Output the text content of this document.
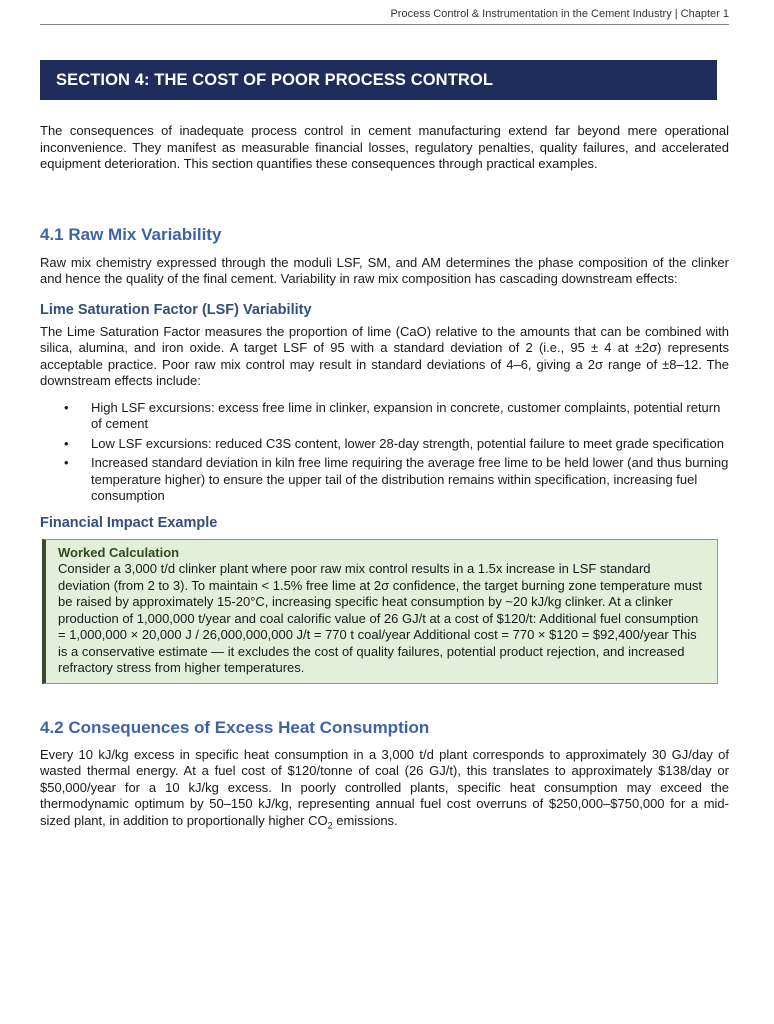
Process Control & Instrumentation in the Cement Industry | Chapter 1
SECTION 4: THE COST OF POOR PROCESS CONTROL

The consequences of inadequate process control in cement manufacturing extend far beyond mere operational inconvenience. They manifest as measurable financial losses, regulatory penalties, quality failures, and accelerated equipment deterioration. This section quantifies these consequences through practical examples.

4.1 Raw Mix Variability

Raw mix chemistry expressed through the moduli LSF, SM, and AM determines the phase composition of the clinker and hence the quality of the final cement. Variability in raw mix composition has cascading downstream effects:

Lime Saturation Factor (LSF) Variability

The Lime Saturation Factor measures the proportion of lime (CaO) relative to the amounts that can be combined with silica, alumina, and iron oxide. A target LSF of 95 with a standard deviation of 2 (i.e., 95 ± 4 at ±2σ) represents acceptable practice. Poor raw mix control may result in standard deviations of 4–6, giving a 2σ range of ±8–12. The downstream effects include:

• High LSF excursions: excess free lime in clinker, expansion in concrete, customer complaints, potential return of cement
• Low LSF excursions: reduced C3S content, lower 28-day strength, potential failure to meet grade specification
• Increased standard deviation in kiln free lime requiring the average free lime to be held lower (and thus burning temperature higher) to ensure the upper tail of the distribution remains within specification, increasing fuel consumption
Financial Impact Example
Worked Calculation
Consider a 3,000 t/d clinker plant where poor raw mix control results in a 1.5x increase in LSF standard deviation (from 2 to 3). To maintain < 1.5% free lime at 2σ confidence, the target burning zone temperature must be raised by approximately 15-20°C, increasing specific heat consumption by ~20 kJ/kg clinker. At a clinker production of 1,000,000 t/year and coal calorific value of 26 GJ/t at a cost of $120/t: Additional fuel consumption = 1,000,000 × 20,000 J / 26,000,000,000 J/t = 770 t coal/year Additional cost = 770 × $120 = $92,400/year This is a conservative estimate — it excludes the cost of quality failures, potential product rejection, and increased refractory stress from higher temperatures.
4.2 Consequences of Excess Heat Consumption

Every 10 kJ/kg excess in specific heat consumption in a 3,000 t/d plant corresponds to approximately 30 GJ/day of wasted thermal energy. At a fuel cost of $120/tonne of coal (26 GJ/t), this translates to approximately $138/day or $50,000/year for a 10 kJ/kg excess. In poorly controlled plants, specific heat consumption may exceed the thermodynamic optimum by 50–150 kJ/kg, representing annual fuel cost overruns of $250,000–$750,000 for a mid-sized plant, in addition to proportionally higher $CO_2$ emissions.
